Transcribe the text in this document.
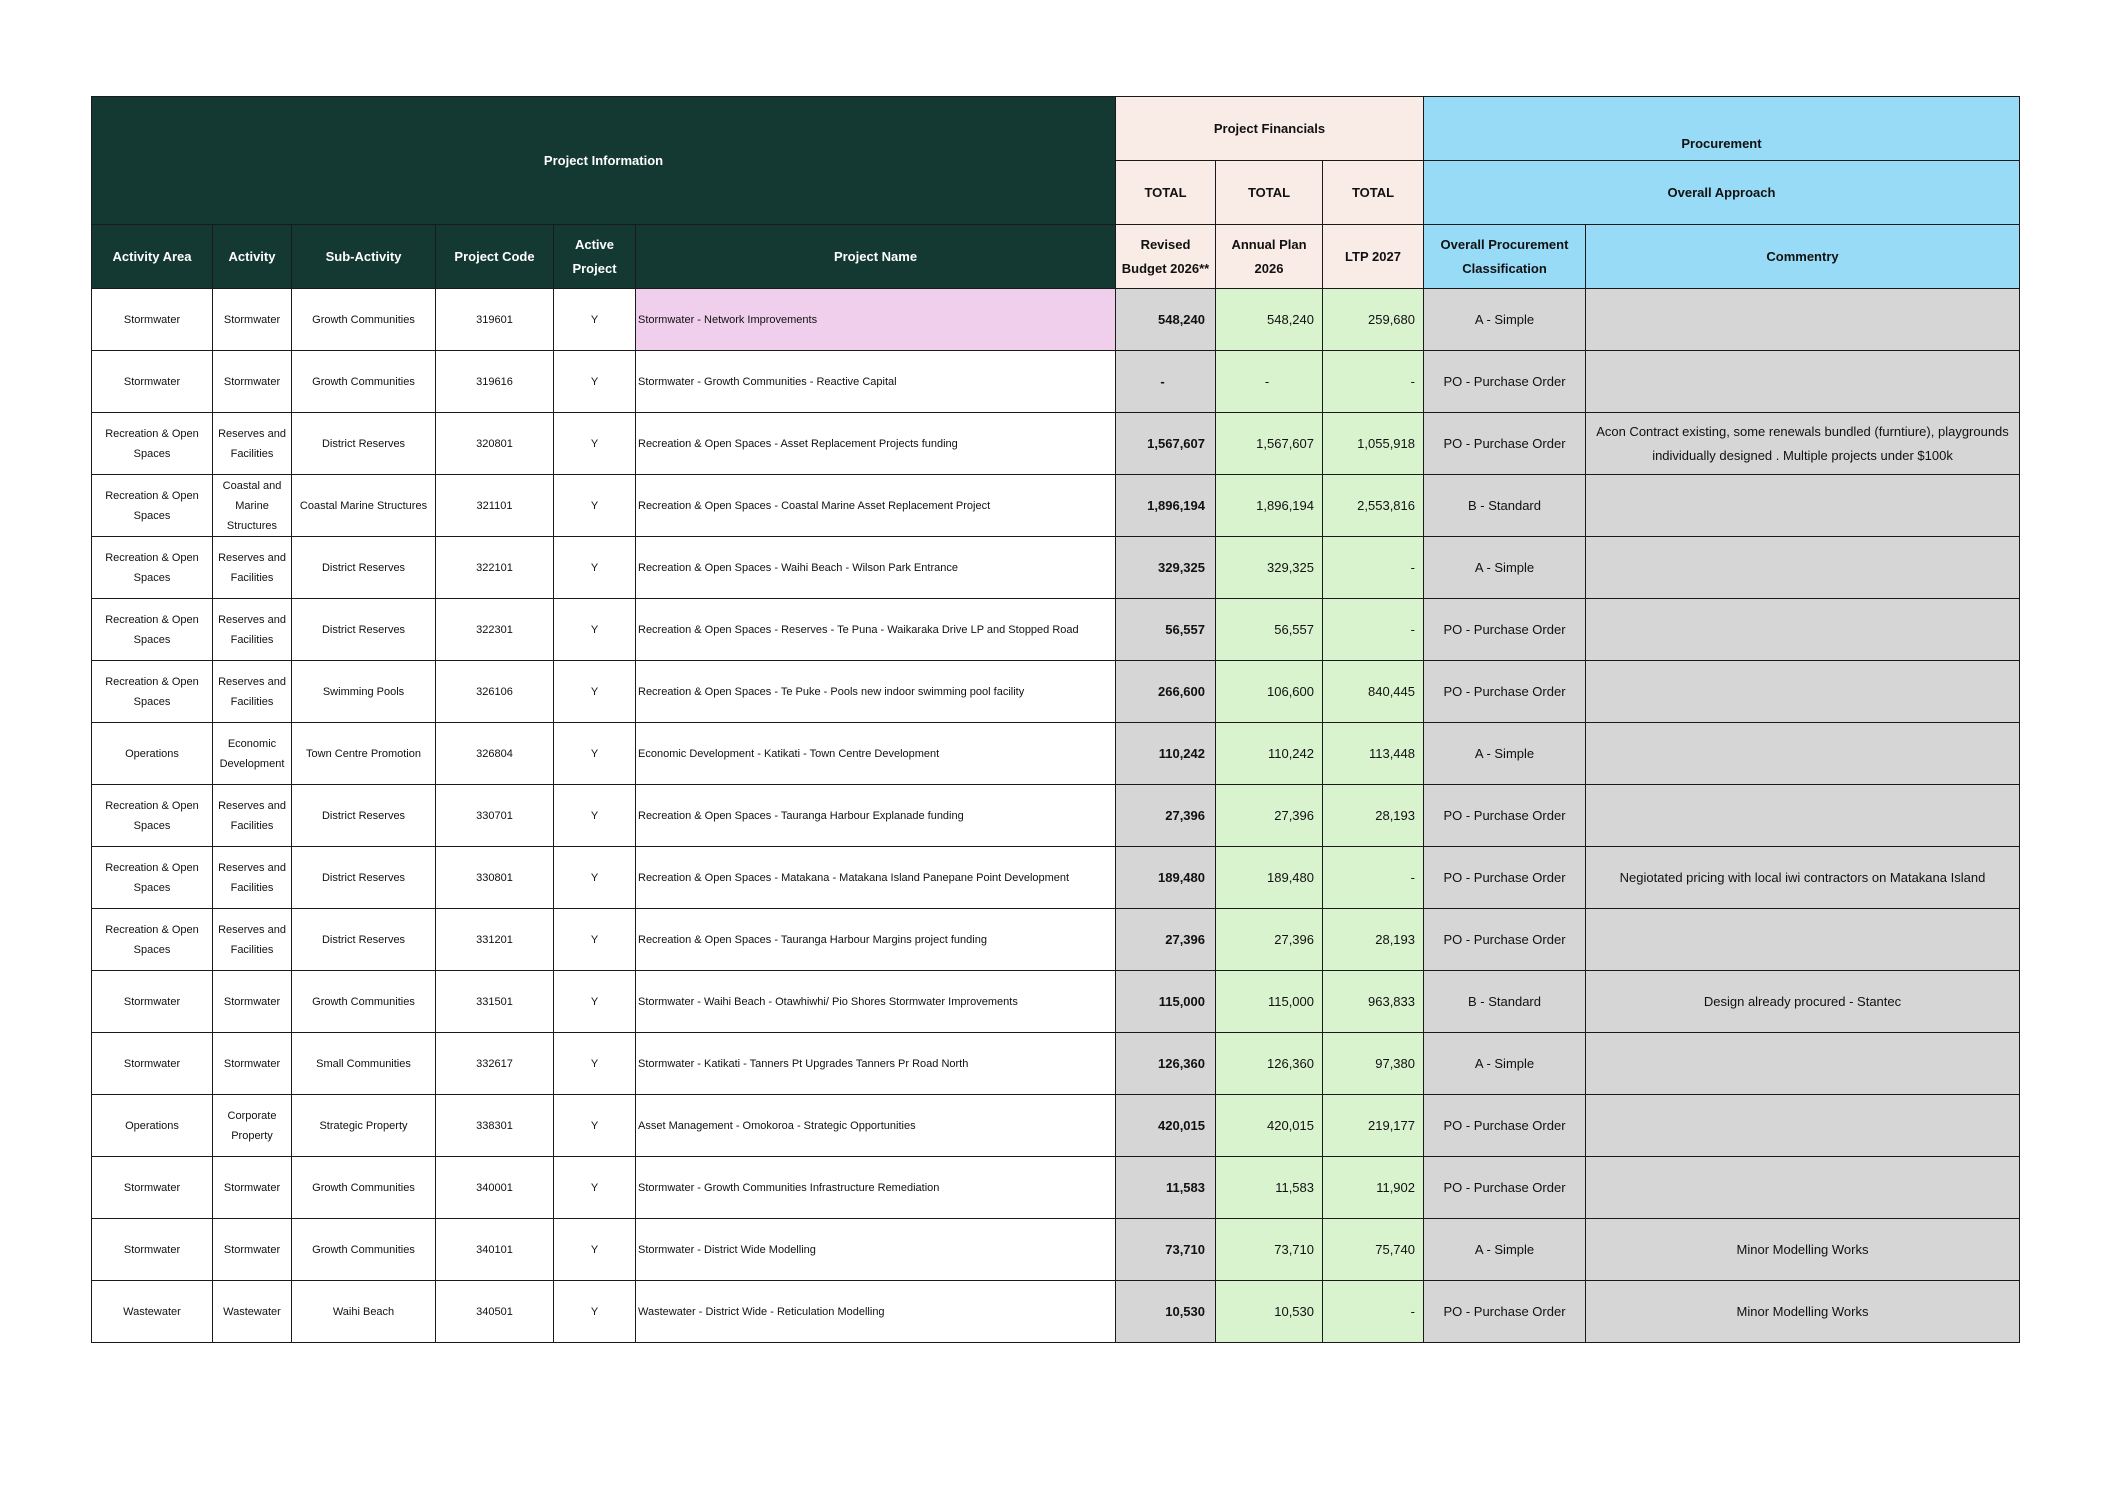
Project Information						Project Financials			Procurement	
						TOTAL	TOTAL	TOTAL	Overall Approach	
Activity Area	Activity	Sub-Activity	Project Code	Active Project	Project Name	Revised Budget 2026**	Annual Plan 2026	LTP 2027	Overall Procurement Classification	Commentry
Stormwater	Stormwater	Growth Communities	319601	Y	Stormwater - Network Improvements	548,240	548,240	259,680	A - Simple	
Stormwater	Stormwater	Growth Communities	319616	Y	Stormwater - Growth Communities - Reactive Capital	-	-	-	PO - Purchase Order	
Recreation & Open Spaces	Reserves and Facilities	District Reserves	320801	Y	Recreation & Open Spaces - Asset Replacement Projects funding	1,567,607	1,567,607	1,055,918	PO - Purchase Order	Acon Contract existing, some renewals bundled (furntiure), playgrounds individually designed . Multiple projects under $100k
Recreation & Open Spaces	Coastal and Marine Structures	Coastal Marine Structures	321101	Y	Recreation & Open Spaces - Coastal Marine Asset Replacement Project	1,896,194	1,896,194	2,553,816	B - Standard	
Recreation & Open Spaces	Reserves and Facilities	District Reserves	322101	Y	Recreation & Open Spaces - Waihi Beach - Wilson Park Entrance	329,325	329,325	-	A - Simple	
Recreation & Open Spaces	Reserves and Facilities	District Reserves	322301	Y	Recreation & Open Spaces - Reserves - Te Puna - Waikaraka Drive LP and Stopped Road	56,557	56,557	-	PO - Purchase Order	
Recreation & Open Spaces	Reserves and Facilities	Swimming Pools	326106	Y	Recreation & Open Spaces - Te Puke - Pools new indoor swimming pool facility	266,600	106,600	840,445	PO - Purchase Order	
Operations	Economic Development	Town Centre Promotion	326804	Y	Economic Development - Katikati - Town Centre Development	110,242	110,242	113,448	A - Simple	
Recreation & Open Spaces	Reserves and Facilities	District Reserves	330701	Y	Recreation & Open Spaces - Tauranga Harbour Explanade funding	27,396	27,396	28,193	PO - Purchase Order	
Recreation & Open Spaces	Reserves and Facilities	District Reserves	330801	Y	Recreation & Open Spaces - Matakana - Matakana Island Panepane Point Development	189,480	189,480	-	PO - Purchase Order	Negiotated pricing with local iwi contractors on Matakana Island
Recreation & Open Spaces	Reserves and Facilities	District Reserves	331201	Y	Recreation & Open Spaces - Tauranga Harbour Margins project funding	27,396	27,396	28,193	PO - Purchase Order	
Stormwater	Stormwater	Growth Communities	331501	Y	Stormwater - Waihi Beach - Otawhiwhi/ Pio Shores Stormwater Improvements	115,000	115,000	963,833	B - Standard	Design already procured - Stantec
Stormwater	Stormwater	Small Communities	332617	Y	Stormwater - Katikati - Tanners Pt Upgrades Tanners Pr Road North	126,360	126,360	97,380	A - Simple	
Operations	Corporate Property	Strategic Property	338301	Y	Asset Management - Omokoroa - Strategic Opportunities	420,015	420,015	219,177	PO - Purchase Order	
Stormwater	Stormwater	Growth Communities	340001	Y	Stormwater - Growth Communities Infrastructure Remediation	11,583	11,583	11,902	PO - Purchase Order	
Stormwater	Stormwater	Growth Communities	340101	Y	Stormwater - District Wide Modelling	73,710	73,710	75,740	A - Simple	Minor Modelling Works
Wastewater	Wastewater	Waihi Beach	340501	Y	Wastewater - District Wide - Reticulation Modelling	10,530	10,530	-	PO - Purchase Order	Minor Modelling Works
